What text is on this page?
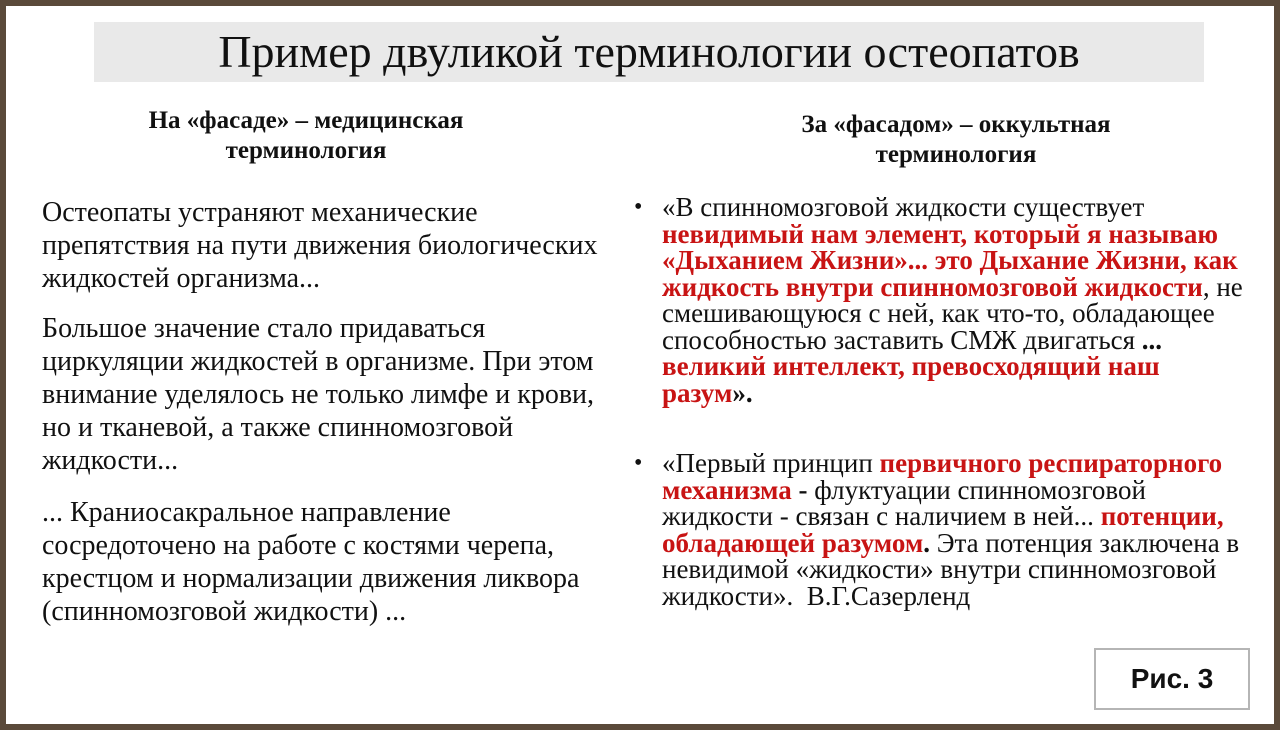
Пример двуликой терминологии остеопатов
На «фасаде» – медицинская терминология
За «фасадом» – оккультная терминология
Остеопаты устраняют механические препятствия на пути движения биологических жидкостей организма...
Большое значение стало придаваться циркуляции жидкостей в организме. При этом внимание уделялось не только лимфе и крови, но и тканевой, а также спинномозговой жидкости...
... Краниосакральное направление сосредоточено на работе с костями черепа, крестцом и нормализации движения ликвора (спинномозговой жидкости) ...
• «В спинномозговой жидкости существует невидимый нам элемент, который я называю «Дыханием Жизни»... это Дыхание Жизни, как жидкость внутри спинномозговой жидкости, не смешивающуюся с ней, как что-то, обладающее способностью заставить СМЖ двигаться ... великий интеллект, превосходящий наш разум».
• «Первый принцип первичного респираторного механизма - флуктуации спинномозговой жидкости - связан с наличием в ней... потенции, обладающей разумом. Эта потенция заключена в невидимой «жидкости» внутри спинномозговой жидкости». В.Г.Сазерленд
Рис. 3
